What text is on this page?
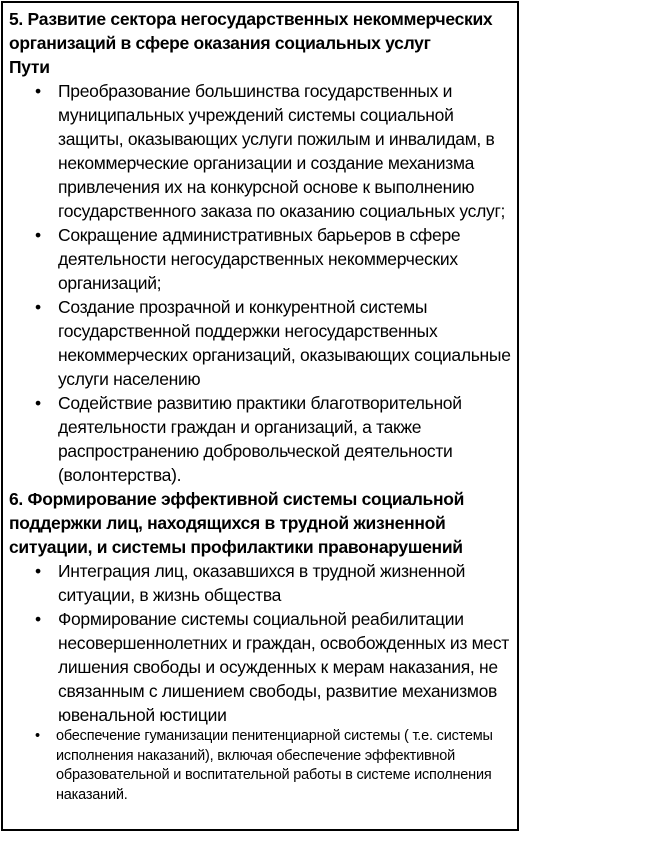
5. Развитие сектора негосударственных некоммерческих организаций в сфере оказания социальных услуг
Пути
• Преобразование большинства государственных и муниципальных учреждений системы социальной защиты, оказывающих услуги пожилым и инвалидам, в некоммерческие организации и создание механизма привлечения их на конкурсной основе к выполнению государственного заказа по оказанию социальных услуг;
• Сокращение административных барьеров в сфере деятельности негосударственных некоммерческих организаций;
• Создание прозрачной и конкурентной системы государственной поддержки негосударственных некоммерческих организаций, оказывающих социальные услуги населению
• Содействие развитию практики благотворительной деятельности граждан и организаций, а также распространению добровольческой деятельности (волонтерства).
6. Формирование эффективной системы социальной поддержки лиц, находящихся в трудной жизненной ситуации, и системы профилактики правонарушений
• Интеграция лиц, оказавшихся в трудной жизненной ситуации, в жизнь общества
• Формирование системы социальной реабилитации несовершеннолетних и граждан, освобожденных из мест лишения свободы и осужденных к мерам наказания, не связанным с лишением свободы, развитие механизмов ювенальной юстиции
• обеспечение гуманизации пенитенциарной системы ( т.е. системы исполнения наказаний), включая обеспечение эффективной образовательной и воспитательной работы в системе исполнения наказаний.
